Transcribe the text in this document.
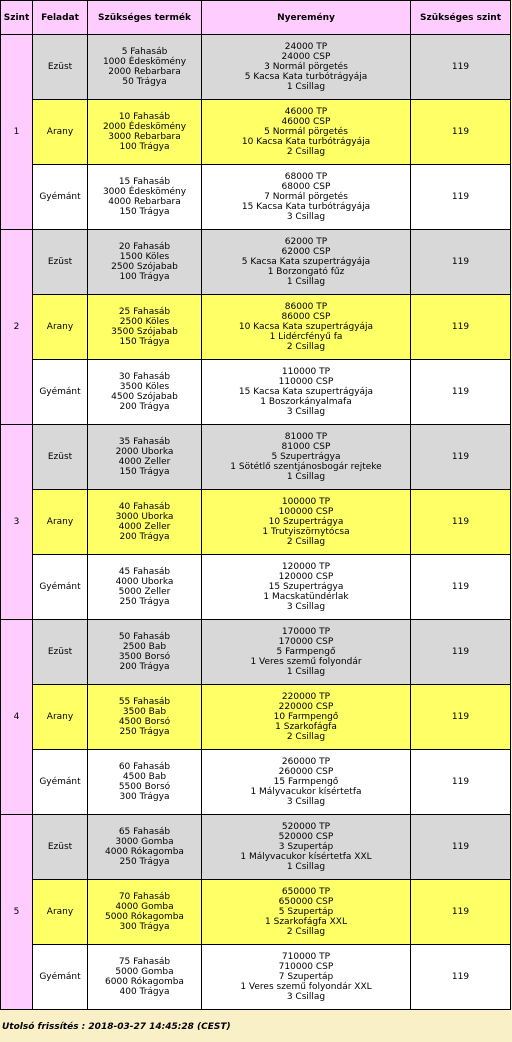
Szint	Feladat	Szükséges termék	Nyeremény	Szükséges szint
1	Ezüst	5 Fahasáb
1000 Édeskömény
2000 Rebarbara
50 Trágya	24000 TP
24000 CSP
3 Normál pörgetés
5 Kacsa Kata turbótrágyája
1 Csillag	119
	Arany	10 Fahasáb
2000 Édeskömény
3000 Rebarbara
100 Trágya	46000 TP
46000 CSP
5 Normál pörgetés
10 Kacsa Kata turbótrágyája
2 Csillag	119
	Gyémánt	15 Fahasáb
3000 Édeskömény
4000 Rebarbara
150 Trágya	68000 TP
68000 CSP
7 Normál pörgetés
15 Kacsa Kata turbótrágyája
3 Csillag	119
2	Ezüst	20 Fahasáb
1500 Köles
2500 Szójabab
100 Trágya	62000 TP
62000 CSP
5 Kacsa Kata szupertrágyája
1 Borzongató fűz
1 Csillag	119
	Arany	25 Fahasáb
2500 Köles
3500 Szójabab
150 Trágya	86000 TP
86000 CSP
10 Kacsa Kata szupertrágyája
1 Lidércfényű fa
2 Csillag	119
	Gyémánt	30 Fahasáb
3500 Köles
4500 Szójabab
200 Trágya	110000 TP
110000 CSP
15 Kacsa Kata szupertrágyája
1 Boszorkányalmafa
3 Csillag	119
3	Ezüst	35 Fahasáb
2000 Uborka
4000 Zeller
150 Trágya	81000 TP
81000 CSP
5 Szupertrágya
1 Sötétlő szentjánosbogár rejteke
1 Csillag	119
	Arany	40 Fahasáb
3000 Uborka
4000 Zeller
200 Trágya	100000 TP
100000 CSP
10 Szupertrágya
1 Trutyiszörnytócsa
2 Csillag	119
	Gyémánt	45 Fahasáb
4000 Uborka
5000 Zeller
250 Trágya	120000 TP
120000 CSP
15 Szupertrágya
1 Macskatündérlak
3 Csillag	119
4	Ezüst	50 Fahasáb
2500 Bab
3500 Borsó
200 Trágya	170000 TP
170000 CSP
5 Farmpengő
1 Veres szemű folyondár
1 Csillag	119
	Arany	55 Fahasáb
3500 Bab
4500 Borsó
250 Trágya	220000 TP
220000 CSP
10 Farmpengő
1 Szarkofágfa
2 Csillag	119
	Gyémánt	60 Fahasáb
4500 Bab
5500 Borsó
300 Trágya	260000 TP
260000 CSP
15 Farmpengő
1 Mályvacukor kísértetfa
3 Csillag	119
5	Ezüst	65 Fahasáb
3000 Gomba
4000 Rókagomba
250 Trágya	520000 TP
520000 CSP
3 Szupertáp
1 Mályvacukor kísértetfa XXL
1 Csillag	119
	Arany	70 Fahasáb
4000 Gomba
5000 Rókagomba
300 Trágya	650000 TP
650000 CSP
5 Szupertáp
1 Szarkofágfa XXL
2 Csillag	119
	Gyémánt	75 Fahasáb
5000 Gomba
6000 Rókagomba
400 Trágya	710000 TP
710000 CSP
7 Szupertáp
1 Veres szemű folyondár XXL
3 Csillag	119
Utolsó frissítés : 2018-03-27 14:45:28 (CEST)
